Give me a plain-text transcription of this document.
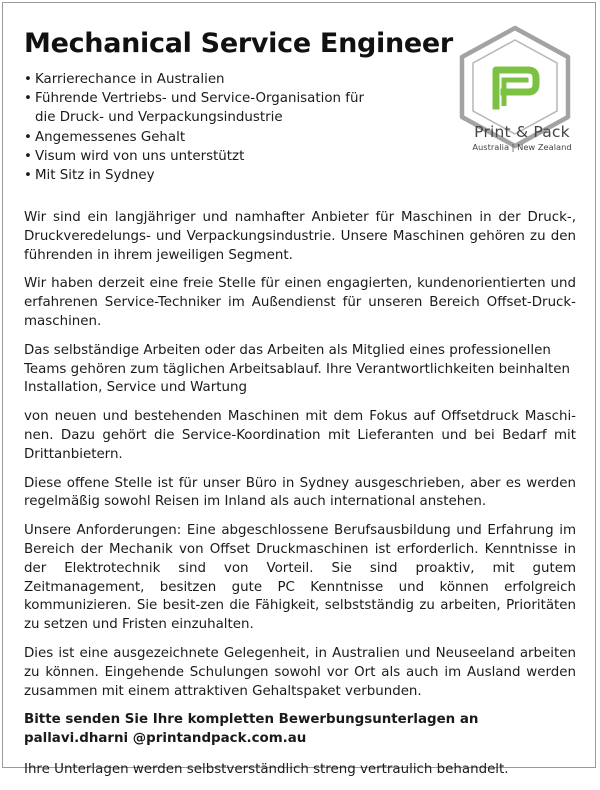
Mechanical Service Engineer
• Karrierechance in Australien
• Führende Vertriebs- und Service-Organisation für die Druck- und Verpackungsindustrie
• Angemessenes Gehalt
• Visum wird von uns unterstützt
• Mit Sitz in Sydney
Print & Pack
Australia | New Zealand

Wir sind ein langjähriger und namhafter Anbieter für Maschinen in der Druck-, Druckveredelungs- und Verpackungsindustrie. Unsere Maschinen gehören zu den führenden in ihrem jeweiligen Segment.

Wir haben derzeit eine freie Stelle für einen engagierten, kundenorientierten und erfahrenen Service-Techniker im Außendienst für unseren Bereich Offset-Druck-maschinen.

Das selbständige Arbeiten oder das Arbeiten als Mitglied eines professionellen Teams gehören zum täglichen Arbeitsablauf. Ihre Verantwortlichkeiten beinhalten Installation, Service und Wartung

von neuen und bestehenden Maschinen mit dem Fokus auf Offsetdruck Maschi-nen. Dazu gehört die Service-Koordination mit Lieferanten und bei Bedarf mit Drittanbietern.

Diese offene Stelle ist für unser Büro in Sydney ausgeschrieben, aber es werden regelmäßig sowohl Reisen im Inland als auch international anstehen.

Unsere Anforderungen: Eine abgeschlossene Berufsausbildung und Erfahrung im Bereich der Mechanik von Offset Druckmaschinen ist erforderlich. Kenntnisse in der Elektrotechnik sind von Vorteil. Sie sind proaktiv, mit gutem Zeitmanagement, besitzen gute PC Kenntnisse und können erfolgreich kommunizieren. Sie besit-zen die Fähigkeit, selbstständig zu arbeiten, Prioritäten zu setzen und Fristen einzuhalten.

Dies ist eine ausgezeichnete Gelegenheit, in Australien und Neuseeland arbeiten zu können. Eingehende Schulungen sowohl vor Ort als auch im Ausland werden zusammen mit einem attraktiven Gehaltspaket verbunden.

Bitte senden Sie Ihre kompletten Bewerbungsunterlagen an
pallavi.dharni @printandpack.com.au

Ihre Unterlagen werden selbstverständlich streng vertraulich behandelt.
